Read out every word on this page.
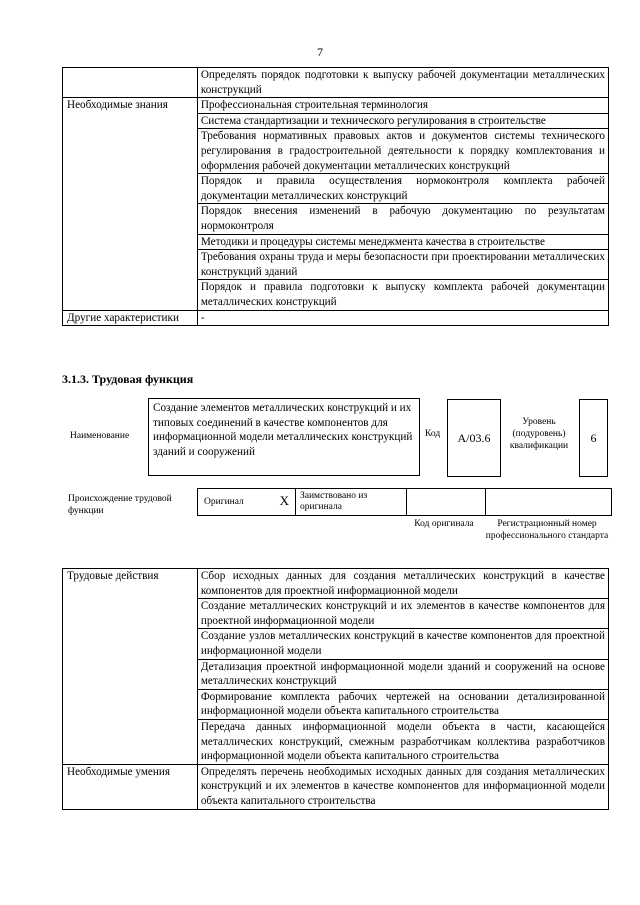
7
	Определять порядок подготовки к выпуску рабочей документации металлических конструкций
Необходимые знания	Профессиональная строительная терминология
	Система стандартизации и технического регулирования в строительстве
	Требования нормативных правовых актов и документов системы технического регулирования в градостроительной деятельности к порядку комплектования и оформления рабочей документации металлических конструкций
	Порядок и правила осуществления нормоконтроля комплекта рабочей документации металлических конструкций
	Порядок внесения изменений в рабочую документацию по результатам нормоконтроля
	Методики и процедуры системы менеджмента качества в строительстве
	Требования охраны труда и меры безопасности при проектировании металлических конструкций зданий
	Порядок и правила подготовки к выпуску комплекта рабочей документации металлических конструкций
Другие характеристики	-
3.1.3. Трудовая функция
Наименование
Создание элементов металлических конструкций и их типовых соединений в качестве компонентов для информационной модели металлических конструкций зданий и сооружений
Код	A/03.6
Уровень (подуровень) квалификации
6
Происхождение трудовой функции
Оригинал	X	Заимствовано из оригинала
Код оригинала	Регистрационный номер профессионального стандарта
Трудовые действия	Сбор исходных данных для создания металлических конструкций в качестве компонентов для проектной информационной модели
	Создание металлических конструкций и их элементов в качестве компонентов для проектной информационной модели
	Создание узлов металлических конструкций в качестве компонентов для проектной информационной модели
	Детализация проектной информационной модели зданий и сооружений на основе металлических конструкций
	Формирование комплекта рабочих чертежей на основании детализированной информационной модели объекта капитального строительства
	Передача данных информационной модели объекта в части, касающейся металлических конструкций, смежным разработчикам коллектива разработчиков информационной модели объекта капитального строительства
Необходимые умения	Определять перечень необходимых исходных данных для создания металлических конструкций и их элементов в качестве компонентов для информационной модели объекта капитального строительства
